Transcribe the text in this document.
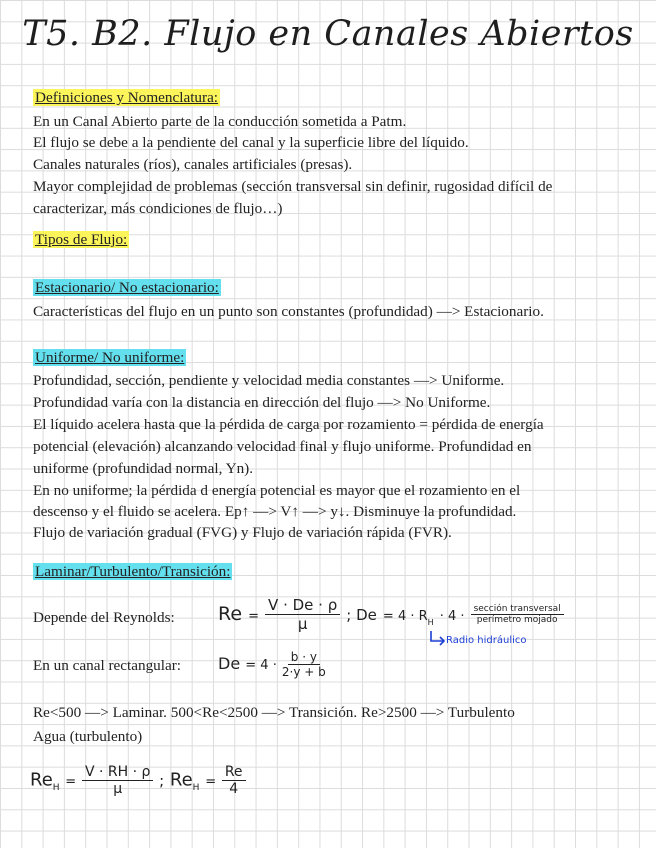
T5. B2. Flujo en Canales Abiertos
Definiciones y Nomenclatura:
En un Canal Abierto parte de la conducción sometida a Patm.
El flujo se debe a la pendiente del canal y la superficie libre del líquido.
Canales naturales (ríos), canales artificiales (presas).
Mayor complejidad de problemas (sección transversal sin definir, rugosidad difícil de
caracterizar, más condiciones de flujo…)
Tipos de Flujo:
Estacionario/ No estacionario:
Características del flujo en un punto son constantes (profundidad) —> Estacionario.
Uniforme/ No uniforme:
Profundidad, sección, pendiente y velocidad media constantes —> Uniforme.
Profundidad varía con la distancia en dirección del flujo —> No Uniforme.
El líquido acelera hasta que la pérdida de carga por rozamiento = pérdida de energía
potencial (elevación) alcanzando velocidad final y flujo uniforme. Profundidad en
uniforme (profundidad normal, Yn).
En no uniforme; la pérdida d energía potencial es mayor que el rozamiento en el
descenso y el fluido se acelera. Ep↑ —> V↑ —> y↓. Disminuye la profundidad.
Flujo de variación gradual (FVG) y Flujo de variación rápida (FVR).
Laminar/Turbulento/Transición:
Depende del Reynolds: $Re = \frac{V \cdot De \cdot \rho}{\mu}$ ; $De = 4 \cdot R_H \cdot 4 \cdot \frac{\text{sección transversal}}{\text{perímetro mojado}}$
Radio hidráulico
En un canal rectangular: $De = 4 \cdot \frac{b \cdot y}{2\cdot y + b}$
Re<500 —> Laminar. 500<Re<2500 —> Transición. Re>2500 —> Turbulento
Agua (turbulento)
$Re_H = \frac{V \cdot RH \cdot \rho}{\mu}$ ; $Re_H = \frac{Re}{4}$
